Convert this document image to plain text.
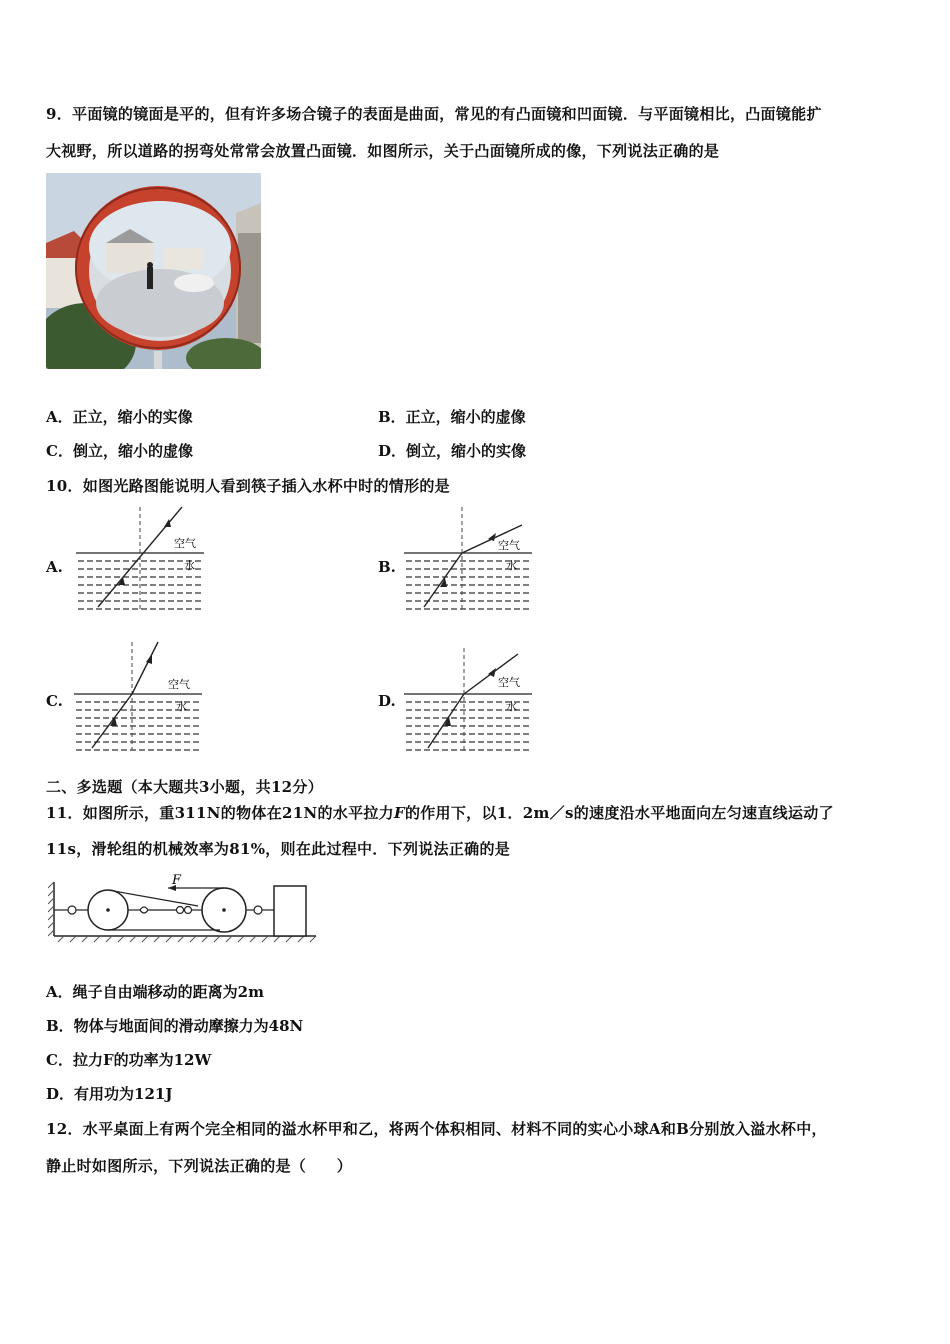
9．平面镜的镜面是平的，但有许多场合镜子的表面是曲面，常见的有凸面镜和凹面镜．与平面镜相比，凸面镜能扩
大视野，所以道路的拐弯处常常会放置凸面镜．如图所示，关于凸面镜所成的像，下列说法正确的是
A．正立，缩小的实像	B．正立，缩小的虚像
C．倒立，缩小的虚像	D．倒立，缩小的实像
10．如图光路图能说明人看到筷子插入水杯中时的情形的是
A.
空气
水	B.
空气
水
C.
空气
水	D.
空气
水
二、多选题（本大题共3小题，共12分）
11．如图所示，重311N的物体在21N的水平拉力F的作用下，以1．2m／s的速度沿水平地面向左匀速直线运动了
11s，滑轮组的机械效率为81%，则在此过程中．下列说法正确的是
F
A．绳子自由端移动的距离为2m
B．物体与地面间的滑动摩擦力为48N
C．拉力F的功率为12W
D．有用功为121J
12．水平桌面上有两个完全相同的溢水杯甲和乙，将两个体积相同、材料不同的实心小球A和B分别放入溢水杯中，
静止时如图所示，下列说法正确的是（　　）
